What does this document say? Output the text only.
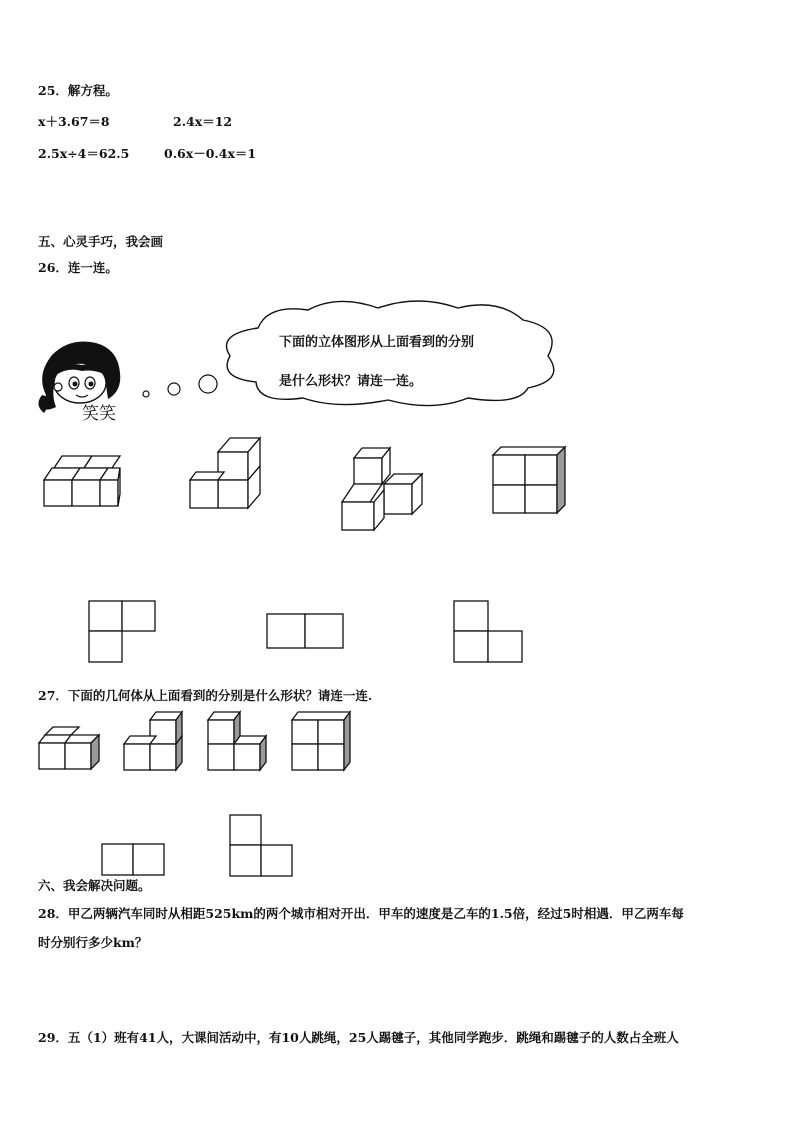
25．解方程。
x＋3.67＝8	2.4x＝12
2.5x÷4＝62.5	0.6x－0.4x＝1
五、心灵手巧，我会画
26．连一连。
笑笑
下面的立体图形从上面看到的分别
是什么形状？请连一连。
27．下面的几何体从上面看到的分别是什么形状？请连一连.
六、我会解决问题。
28．甲乙两辆汽车同时从相距525km的两个城市相对开出．甲车的速度是乙车的1.5倍，经过5时相遇．甲乙两车每
时分别行多少km？
29．五（1）班有41人，大课间活动中，有10人跳绳，25人踢毽子，其他同学跑步．跳绳和踢毽子的人数占全班人
